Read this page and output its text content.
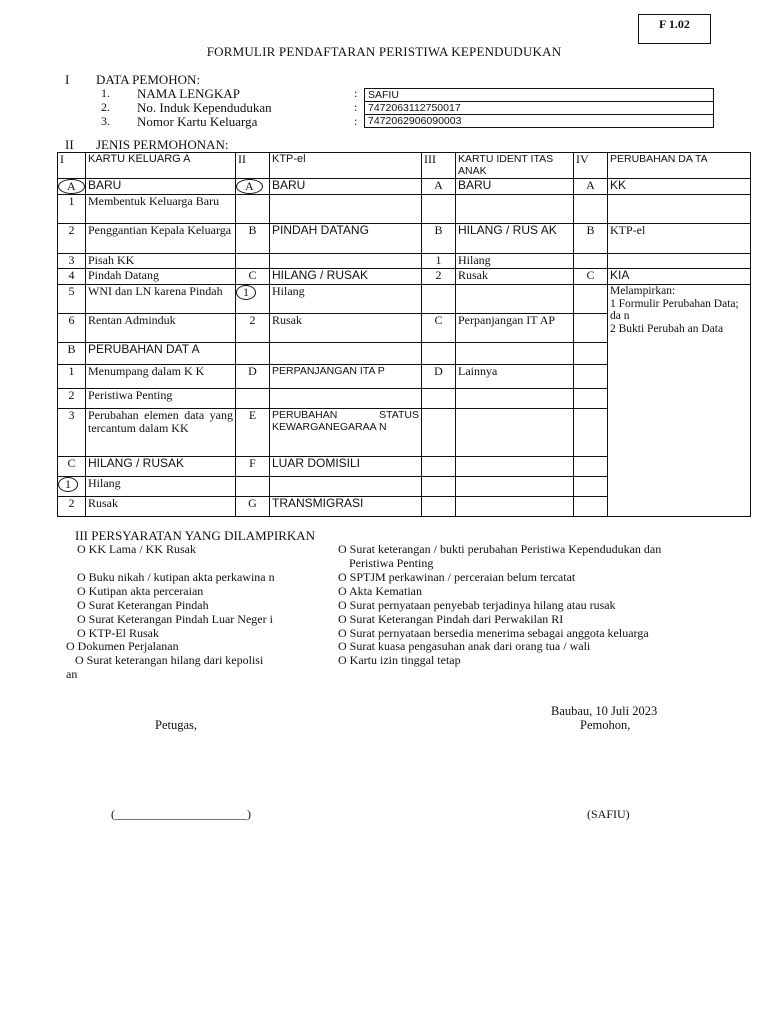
F 1.02
FORMULIR PENDAFTARAN PERISTIWA KEPENDUDUKAN
I DATA PEMOHON:
1. NAMA LENGKAP	:	SAFIU
2. No. Induk Kependudukan	:	7472063112750017
3. Nomor Kartu Keluarga	:	7472062906090003
II JENIS PERMOHONAN:
I	KARTU KELUARG A	II	KTP-el	III	KARTU IDENT ITAS ANAK	IV	PERUBAHAN DA TA
A	BARU	A	BARU	A	BARU	A	KK
1	Membentuk Keluarga Baru						
2	Penggantian Kepala Keluarga	B	PINDAH DATANG	B	HILANG / RUS AK	B	KTP-el
3	Pisah KK			1	Hilang		
4	Pindah Datang	C	HILANG / RUSAK	2	Rusak	C	KIA
5	WNI dan LN karena Pindah	1	Hilang				Melampirkan:
1 Formulir Perubahan Data; da n
2 Bukti Perubah an Data
6	Rentan Adminduk	2	Rusak	C	Perpanjangan IT AP		
B	PERUBAHAN DAT A						
1	Menumpang dalam K K	D	PERPANJANGAN ITA P	D	Lainnya		
2	Peristiwa Penting						
3	Perubahan elemen data yang tercantum dalam KK	E	PERUBAHAN STATUS KEWARGANEGARAA N				
C	HILANG / RUSAK	F	LUAR DOMISILI				
1	Hilang						
2	Rusak	G	TRANSMIGRASI				
III PERSYARATAN YANG DILAMPIRKAN
O KK Lama / KK Rusak
O Buku nikah / kutipan akta perkawina n
O Kutipan akta perceraian
O Surat Keterangan Pindah
O Surat Keterangan Pindah Luar Neger i
O KTP-El Rusak
O Dokumen Perjalanan
O Surat keterangan hilang dari kepolisi
an
O Surat keterangan / bukti perubahan Peristiwa Kependudukan dan
Peristiwa Penting
O SPTJM perkawinan / perceraian belum tercatat
O Akta Kematian
O Surat pernyataan penyebab terjadinya hilang atau rusak
O Surat Keterangan Pindah dari Perwakilan RI
O Surat pernyataan bersedia menerima sebagai anggota keluarga
O Surat kuasa pengasuhan anak dari orang tua / wali
O Kartu izin tinggal tetap
Baubau, 10 Juli 2023
Petugas,	Pemohon,
(______________________)	(SAFIU)
